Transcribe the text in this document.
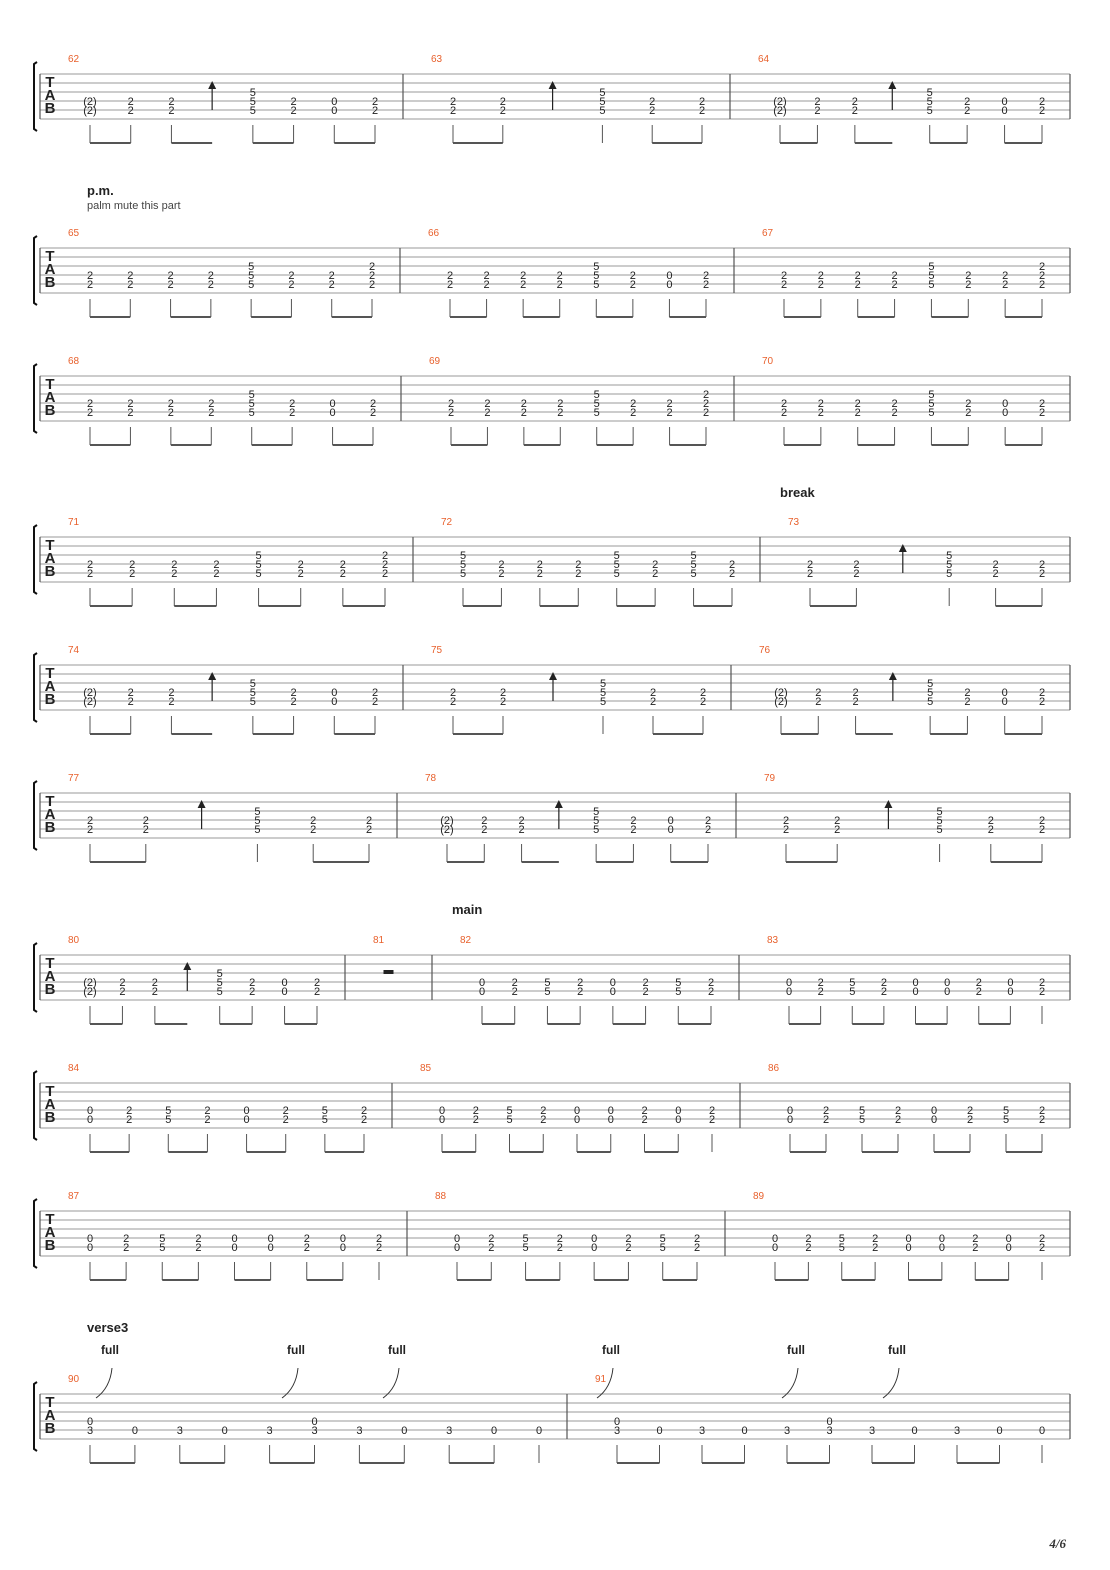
T
A
B
62
(2)
(2)
2
2
2
2
5
5
5
2
2
0
0
2
2
63
2
2
2
2
5
5
5
2
2
2
2
64
(2)
(2)
2
2
2
2
5
5
5
2
2
0
0
2
2
T
A
B
65
2
2
2
2
2
2
2
2
5
5
5
2
2
2
2
2
2
2
66
2
2
2
2
2
2
2
2
5
5
5
2
2
0
0
2
2
67
2
2
2
2
2
2
2
2
5
5
5
2
2
2
2
2
2
2
T
A
B
68
2
2
2
2
2
2
2
2
5
5
5
2
2
0
0
2
2
69
2
2
2
2
2
2
2
2
5
5
5
2
2
2
2
2
2
2
70
2
2
2
2
2
2
2
2
5
5
5
2
2
0
0
2
2
T
A
B
71
2
2
2
2
2
2
2
2
5
5
5
2
2
2
2
2
2
2
72
5
5
5
2
2
2
2
2
2
5
5
5
2
2
5
5
5
2
2
73
2
2
2
2
5
5
5
2
2
2
2
T
A
B
74
(2)
(2)
2
2
2
2
5
5
5
2
2
0
0
2
2
75
2
2
2
2
5
5
5
2
2
2
2
76
(2)
(2)
2
2
2
2
5
5
5
2
2
0
0
2
2
T
A
B
77
2
2
2
2
5
5
5
2
2
2
2
78
(2)
(2)
2
2
2
2
5
5
5
2
2
0
0
2
2
79
2
2
2
2
5
5
5
2
2
2
2
T
A
B
80
(2)
(2)
2
2
2
2
5
5
5
2
2
0
0
2
2
81	82
0
0
2
2
5
5
2
2
0
0
2
2
5
5
2
2
83
0
0
2
2
5
5
2
2
0
0
0
0
2
2
0
0
2
2
T
A
B
84
0
0
2
2
5
5
2
2
0
0
2
2
5
5
2
2
85
0
0
2
2
5
5
2
2
0
0
0
0
2
2
0
0
2
2
86
0
0
2
2
5
5
2
2
0
0
2
2
5
5
2
2
T
A
B
87
0
0
2
2
5
5
2
2
0
0
0
0
2
2
0
0
2
2
88
0
0
2
2
5
5
2
2
0
0
2
2
5
5
2
2
89
0
0
2
2
5
5
2
2
0
0
0
0
2
2
0
0
2
2
T
A
B
90
0
3	0	3	0	3
0
3	3	0	3	0	0
91
0
3	0	3	0	3
0
3	3	0	3	0	0
full	full	full	full	full	full
p.m.
palm mute this part
break
main
verse3
4/6
